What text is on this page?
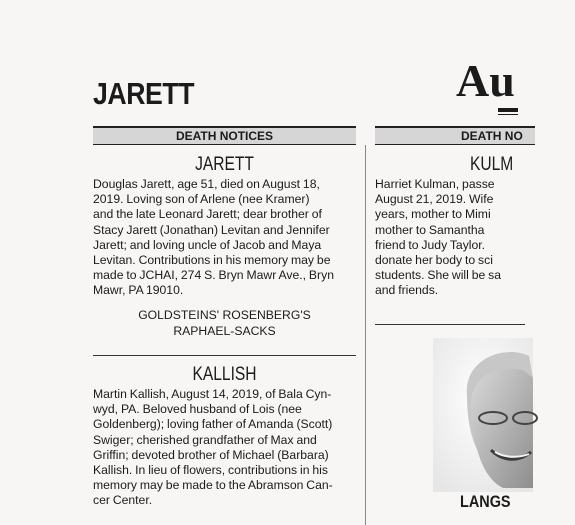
JARETT	Au
DEATH NOTICES	DEATH NO
JARETT
Douglas Jarett, age 51, died on August 18,
2019. Loving son of Arlene (nee Kramer)
and the late Leonard Jarett; dear brother of
Stacy Jarett (Jonathan) Levitan and Jennifer
Jarett; and loving uncle of Jacob and Maya
Levitan. Contributions in his memory may be
made to JCHAI, 274 S. Bryn Mawr Ave., Bryn
Mawr, PA 19010.
GOLDSTEINS' ROSENBERG'S
RAPHAEL-SACKS
KALLISH
Martin Kallish, August 14, 2019, of Bala Cyn-
wyd, PA. Beloved husband of Lois (nee
Goldenberg); loving father of Amanda (Scott)
Swiger; cherished grandfather of Max and
Griffin; devoted brother of Michael (Barbara)
Kallish. In lieu of flowers, contributions in his
memory may be made to the Abramson Can-
cer Center.
KULM
Harriet Kulman, passe
August 21, 2019. Wife
years, mother to Mimi
mother to Samantha
friend to Judy Taylor.
donate her body to sci
students. She will be sa
and friends.
LANGS
